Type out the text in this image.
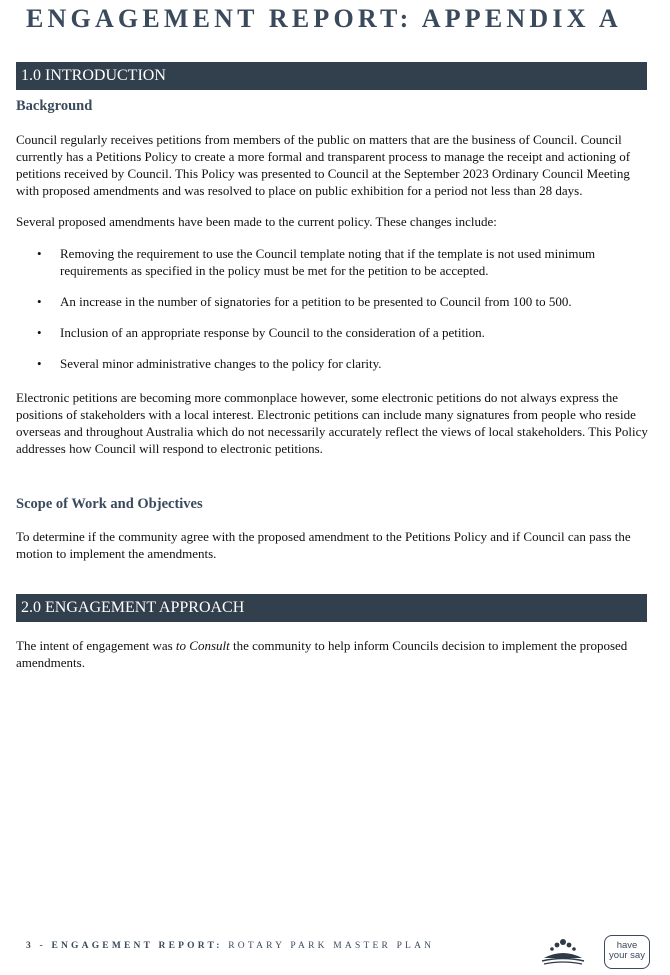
ENGAGEMENT REPORT: APPENDIX A
1.0 INTRODUCTION
Background

Council regularly receives petitions from members of the public on matters that are the business of Council. Council currently has a Petitions Policy to create a more formal and transparent process to manage the receipt and actioning of petitions received by Council. This Policy was presented to Council at the September 2023 Ordinary Council Meeting with proposed amendments and was resolved to place on public exhibition for a period not less than 28 days.

Several proposed amendments have been made to the current policy. These changes include:

• Removing the requirement to use the Council template noting that if the template is not used minimum requirements as specified in the policy must be met for the petition to be accepted.
• An increase in the number of signatories for a petition to be presented to Council from 100 to 500.
• Inclusion of an appropriate response by Council to the consideration of a petition.
• Several minor administrative changes to the policy for clarity.

Electronic petitions are becoming more commonplace however, some electronic petitions do not always express the positions of stakeholders with a local interest. Electronic petitions can include many signatures from people who reside overseas and throughout Australia which do not necessarily accurately reflect the views of local stakeholders. This Policy addresses how Council will respond to electronic petitions.

Scope of Work and Objectives

To determine if the community agree with the proposed amendment to the Petitions Policy and if Council can pass the motion to implement the amendments.

2.0 ENGAGEMENT APPROACH

The intent of engagement was to Consult the community to help inform Councils decision to implement the proposed amendments.

3 - ENGAGEMENT REPORT: ROTARY PARK MASTER PLAN	have
your say
